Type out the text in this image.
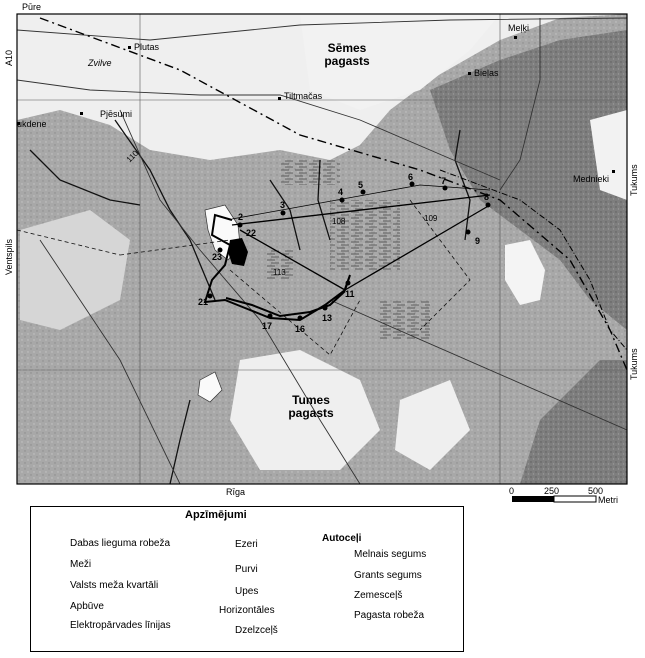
Pūre
A10
Ventspils
Rīga
Tukums
Tukums
Plutas
Zvilve
Pjēsumi
ukdene
Tiltmačas
Meļķi
Bieļas
Mednieki
Sēmes pagasts
Tumes pagasts
2
3
4
5
6	7
8
9
11
13
16
17
21
22
23
108	109
113
110
0	250	500
Metri
Apzīmējumi
Dabas lieguma robeža
Meži
Valsts meža kvartāli
Apbūve
Elektropārvades līnijas
Ezeri
Purvi
Upes
Horizontāles
Dzelzceļš
Autoceļi
Melnais segums
Grants segums
Zemesceļš
Pagasta robeža
